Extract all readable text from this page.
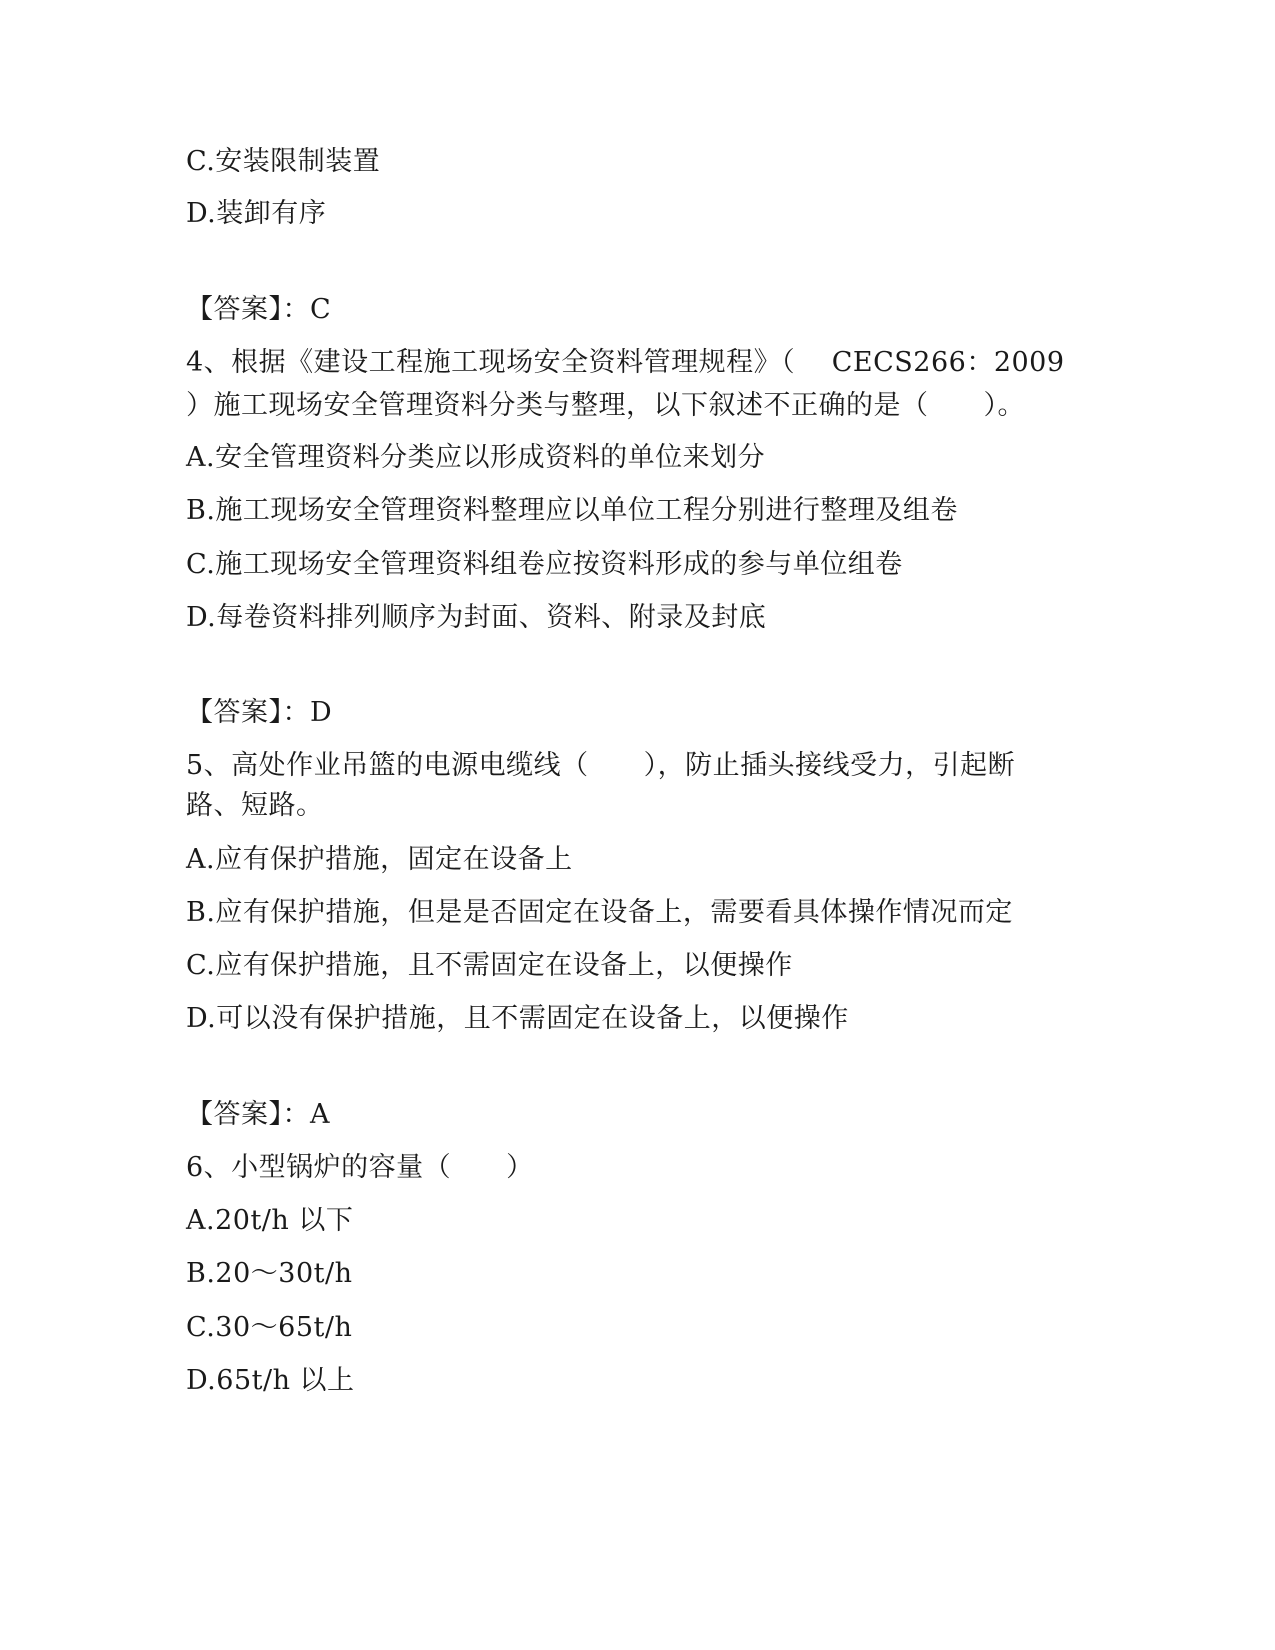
C.安装限制装置
D.装卸有序
【答案】：C
4、根据《建设工程施工现场安全资料管理规程》（　 CECS266：2009
）施工现场安全管理资料分类与整理，以下叙述不正确的是（　　）。
A.安全管理资料分类应以形成资料的单位来划分
B.施工现场安全管理资料整理应以单位工程分别进行整理及组卷
C.施工现场安全管理资料组卷应按资料形成的参与单位组卷
D.每卷资料排列顺序为封面、资料、附录及封底
【答案】：D
5、高处作业吊篮的电源电缆线（　　），防止插头接线受力，引起断
路、短路。
A.应有保护措施，固定在设备上
B.应有保护措施，但是是否固定在设备上，需要看具体操作情况而定
C.应有保护措施，且不需固定在设备上，以便操作
D.可以没有保护措施，且不需固定在设备上，以便操作
【答案】：A
6、小型锅炉的容量（　　）
A.20t/h 以下
B.20～30t/h
C.30～65t/h
D.65t/h 以上
